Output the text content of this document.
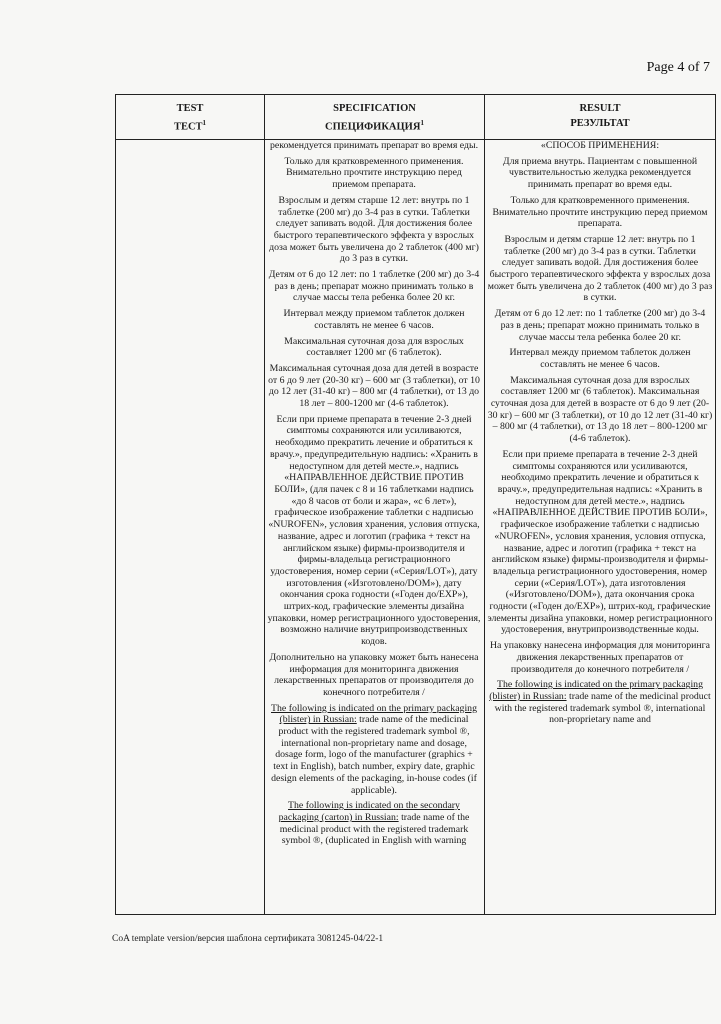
Page 4 of 7
TEST
ТЕСТ$^1$
SPECIFICATION
СПЕЦИФИКАЦИЯ$^1$
RESULT
РЕЗУЛЬТАТ

рекомендуется принимать препарат во время еды.

Только для кратковременного применения. Внимательно прочтите инструкцию перед приемом препарата.

Взрослым и детям старше 12 лет: внутрь по 1 таблетке (200 мг) до 3-4 раз в сутки. Таблетки следует запивать водой. Для достижения более быстрого терапевтического эффекта у взрослых доза может быть увеличена до 2 таблеток (400 мг) до 3 раз в сутки.

Детям от 6 до 12 лет: по 1 таблетке (200 мг) до 3-4 раз в день; препарат можно принимать только в случае массы тела ребенка более 20 кг.

Интервал между приемом таблеток должен составлять не менее 6 часов.

Максимальная суточная доза для взрослых составляет 1200 мг (6 таблеток).

Максимальная суточная доза для детей в возрасте от 6 до 9 лет (20-30 кг) – 600 мг (3 таблетки), от 10 до 12 лет (31-40 кг) – 800 мг (4 таблетки), от 13 до 18 лет – 800-1200 мг (4-6 таблеток).

Если при приеме препарата в течение 2-3 дней симптомы сохраняются или усиливаются, необходимо прекратить лечение и обратиться к врачу.», предупредительную надпись: «Хранить в недоступном для детей месте.», надпись «НАПРАВЛЕННОЕ ДЕЙСТВИЕ ПРОТИВ БОЛИ», (для пачек с 8 и 16 таблетками надпись «до 8 часов от боли и жара», «с 6 лет»), графическое изображение таблетки с надписью «NUROFEN», условия хранения, условия отпуска, название, адрес и логотип (графика + текст на английском языке) фирмы-производителя и фирмы-владельца регистрационного удостоверения, номер серии («Серия/LOT»), дату изготовления («Изготовлено/DOM»), дату окончания срока годности («Годен до/EXP»), штрих-код, графические элементы дизайна упаковки, номер регистрационного удостоверения, возможно наличие внутрипроизводственных кодов.

Дополнительно на упаковку может быть нанесена информация для мониторинга движения лекарственных препаратов от производителя до конечного потребителя /

The following is indicated on the primary packaging (blister) in Russian: trade name of the medicinal product with the registered trademark symbol ®, international non-proprietary name and dosage, dosage form, logo of the manufacturer (graphics + text in English), batch number, expiry date, graphic design elements of the packaging, in-house codes (if applicable).

The following is indicated on the secondary packaging (carton) in Russian: trade name of the medicinal product with the registered trademark symbol ®, (duplicated in English with warning

«СПОСОБ ПРИМЕНЕНИЯ:

Для приема внутрь. Пациентам с повышенной чувствительностью желудка рекомендуется принимать препарат во время еды.

Только для кратковременного применения. Внимательно прочтите инструкцию перед приемом препарата.

Взрослым и детям старше 12 лет: внутрь по 1 таблетке (200 мг) до 3-4 раз в сутки. Таблетки следует запивать водой. Для достижения более быстрого терапевтического эффекта у взрослых доза может быть увеличена до 2 таблеток (400 мг) до 3 раз в сутки.

Детям от 6 до 12 лет: по 1 таблетке (200 мг) до 3-4 раз в день; препарат можно принимать только в случае массы тела ребенка более 20 кг.

Интервал между приемом таблеток должен составлять не менее 6 часов.

Максимальная суточная доза для взрослых составляет 1200 мг (6 таблеток). Максимальная суточная доза для детей в возрасте от 6 до 9 лет (20-30 кг) – 600 мг (3 таблетки), от 10 до 12 лет (31-40 кг) – 800 мг (4 таблетки), от 13 до 18 лет – 800-1200 мг (4-6 таблеток).

Если при приеме препарата в течение 2-3 дней симптомы сохраняются или усиливаются, необходимо прекратить лечение и обратиться к врачу.», предупредительная надпись: «Хранить в недоступном для детей месте.», надпись «НАПРАВЛЕННОЕ ДЕЙСТВИЕ ПРОТИВ БОЛИ», графическое изображение таблетки с надписью «NUROFEN», условия хранения, условия отпуска, название, адрес и логотип (графика + текст на английском языке) фирмы-производителя и фирмы-владельца регистрационного удостоверения, номер серии («Серия/LOT»), дата изготовления («Изготовлено/DOM»), дата окончания срока годности («Годен до/EXP»), штрих-код, графические элементы дизайна упаковки, номер регистрационного удостоверения, внутрипроизводственные коды.

На упаковку нанесена информация для мониторинга движения лекарственных препаратов от производителя до конечного потребителя /

The following is indicated on the primary packaging (blister) in Russian: trade name of the medicinal product with the registered trademark symbol ®, international non-proprietary name and

CoA template version/версия шаблона сертификата 3081245-04/22-1
